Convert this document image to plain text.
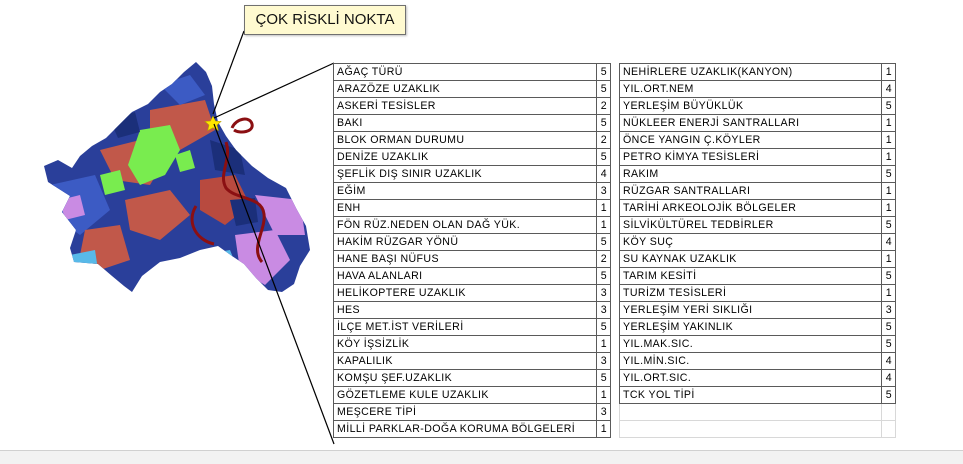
ÇOK RİSKLİ NOKTA
AĞAÇ TÜRÜ	5
ARAZÖZE UZAKLIK	5
ASKERİ TESİSLER	2
BAKI	5
BLOK ORMAN DURUMU	2
DENİZE UZAKLIK	5
ŞEFLİK DIŞ SINIR UZAKLIK	4
EĞİM	3
ENH	1
FÖN RÜZ.NEDEN OLAN DAĞ YÜK.	1
HAKİM RÜZGAR YÖNÜ	5
HANE BAŞI NÜFUS	2
HAVA ALANLARI	5
HELİKOPTERE UZAKLIK	3
HES	3
İLÇE MET.İST VERİLERİ	5
KÖY İŞSİZLİK	1
KAPALILIK	3
KOMŞU ŞEF.UZAKLIK	5
GÖZETLEME KULE UZAKLIK	1
MEŞCERE TİPİ	3
MİLLİ PARKLAR-DOĞA KORUMA BÖLGELERİ	1
NEHİRLERE UZAKLIK(KANYON)	1
YIL.ORT.NEM	4
YERLEŞİM BÜYÜKLÜK	5
NÜKLEER ENERJİ SANTRALLARI	1
ÖNCE YANGIN Ç.KÖYLER	1
PETRO KİMYA TESİSLERİ	1
RAKIM	5
RÜZGAR SANTRALLARI	1
TARİHİ ARKEOLOJİK BÖLGELER	1
SİLVİKÜLTÜREL TEDBİRLER	5
KÖY SUÇ	4
SU KAYNAK UZAKLIK	1
TARIM KESİTİ	5
TURİZM TESİSLERİ	1
YERLEŞİM YERİ SIKLIĞI	3
YERLEŞİM YAKINLIK	5
YIL.MAK.SIC.	5
YIL.MİN.SIC.	4
YIL.ORT.SIC.	4
TCK YOL TİPİ	5
